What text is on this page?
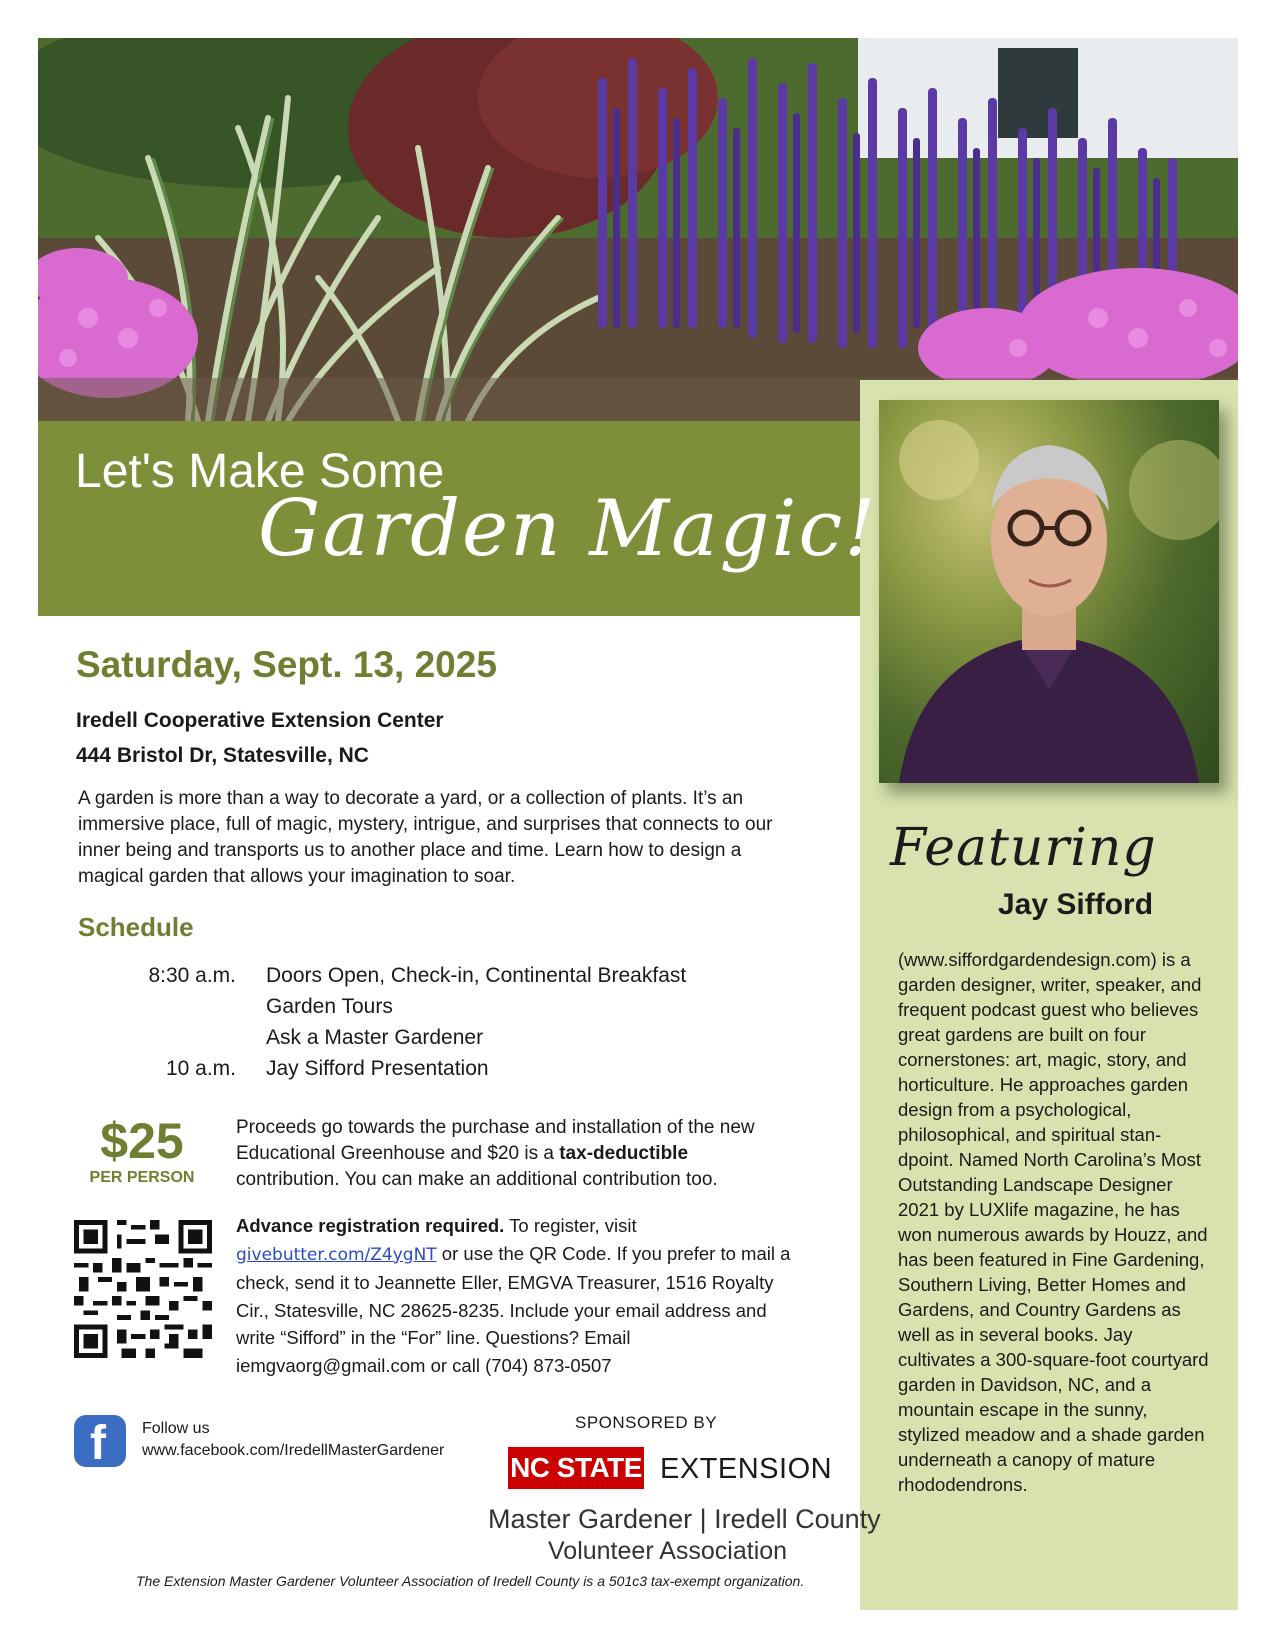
Featuring
Jay Sifford
(www.siffordgardendesign.com) is a garden designer, writer, speaker, and frequent podcast guest who believes great gardens are built on four cornerstones: art, magic, story, and horticulture. He approaches garden design from a psychological, philosophical, and spiritual stan-dpoint. Named North Carolina’s Most Outstanding Landscape Designer 2021 by LUXlife magazine, he has won numerous awards by Houzz, and has been featured in Fine Gardening, Southern Living, Better Homes and Gardens, and Country Gardens as well as in several books. Jay cultivates a 300-square-foot courtyard garden in Davidson, NC, and a mountain escape in the sunny, stylized meadow and a shade garden underneath a canopy of mature rhododendrons.
Let's Make Some
Garden Magic!
Saturday, Sept. 13, 2025
Iredell Cooperative Extension Center
444 Bristol Dr, Statesville, NC
A garden is more than a way to decorate a yard, or a collection of plants. It’s an immersive place, full of magic, mystery, intrigue, and surprises that connects to our inner being and transports us to another place and time. Learn how to design a magical garden that allows your imagination to soar.
Schedule
8:30 a.m.	Doors Open, Check-in, Continental Breakfast
Garden Tours
Ask a Master Gardener
10 a.m.	Jay Sifford Presentation
$25
PER PERSON
Proceeds go towards the purchase and installation of the new Educational Greenhouse and $20 is a tax-deductible contribution. You can make an additional contribution too.
Advance registration required. To register, visit givebutter.com/Z4ygNT or use the QR Code. If you prefer to mail a check, send it to Jeannette Eller, EMGVA Treasurer, 1516 Royalty Cir., Statesville, NC 28625-8235. Include your email address and write “Sifford” in the “For” line. Questions? Email iemgvaorg@gmail.com or call (704) 873-0507
f Follow us
www.facebook.com/IredellMasterGardener
SPONSORED BY
NC STATE EXTENSION
Master Gardener | Iredell County
Volunteer Association
The Extension Master Gardener Volunteer Association of Iredell County is a 501c3 tax-exempt organization.
